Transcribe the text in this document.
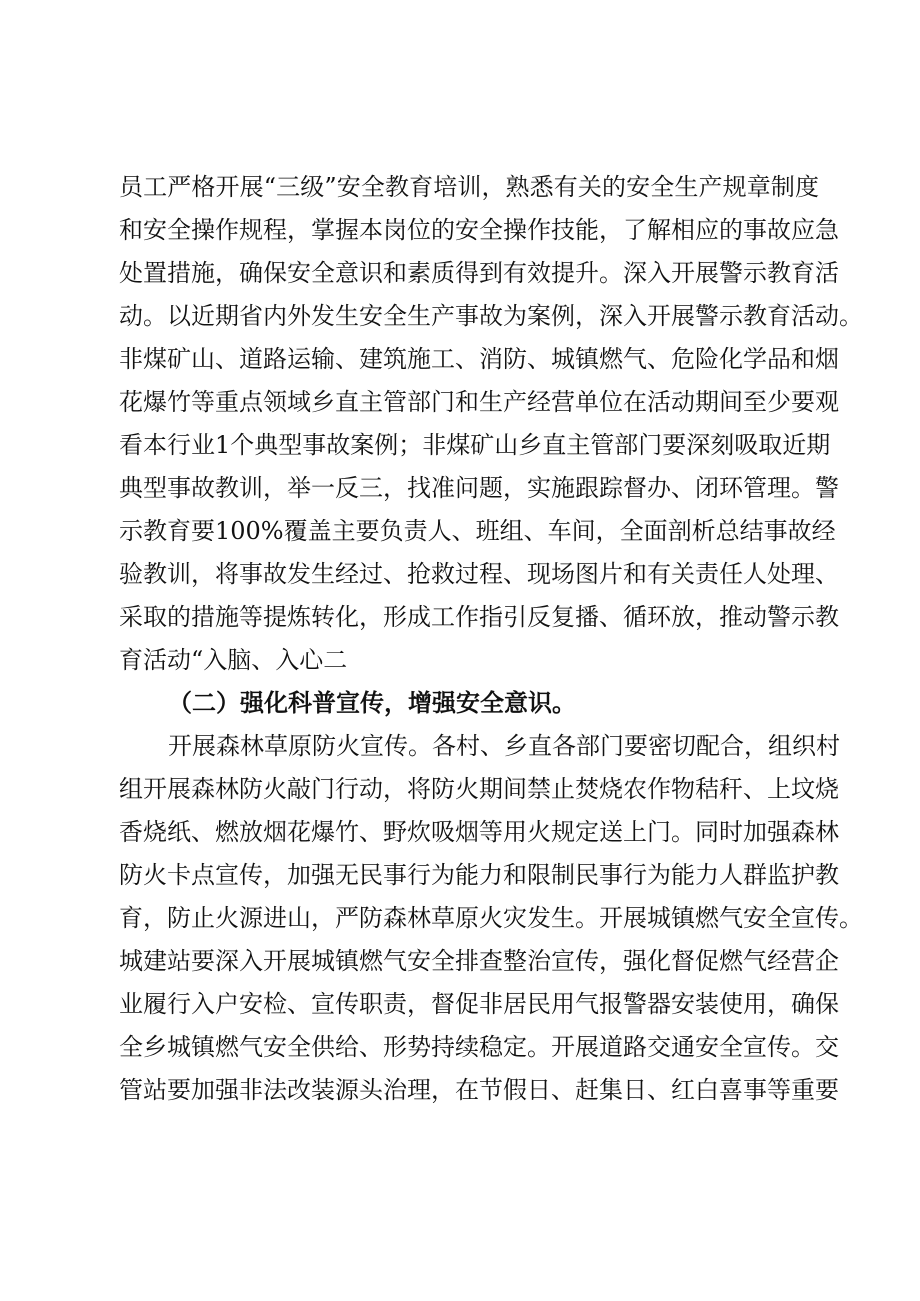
员工严格开展“三级”安全教育培训，熟悉有关的安全生产规章制度
和安全操作规程，掌握本岗位的安全操作技能，了解相应的事故应急
处置措施，确保安全意识和素质得到有效提升。深入开展警示教育活
动。以近期省内外发生安全生产事故为案例，深入开展警示教育活动。
非煤矿山、道路运输、建筑施工、消防、城镇燃气、危险化学品和烟
花爆竹等重点领域乡直主管部门和生产经营单位在活动期间至少要观
看本行业1个典型事故案例；非煤矿山乡直主管部门要深刻吸取近期
典型事故教训，举一反三，找准问题，实施跟踪督办、闭环管理。警
示教育要100%覆盖主要负责人、班组、车间，全面剖析总结事故经
验教训，将事故发生经过、抢救过程、现场图片和有关责任人处理、
采取的措施等提炼转化，形成工作指引反复播、循环放，推动警示教
育活动“入脑、入心二
（二）强化科普宣传，增强安全意识。
开展森林草原防火宣传。各村、乡直各部门要密切配合，组织村
组开展森林防火敲门行动，将防火期间禁止焚烧农作物秸秆、上坟烧
香烧纸、燃放烟花爆竹、野炊吸烟等用火规定送上门。同时加强森林
防火卡点宣传，加强无民事行为能力和限制民事行为能力人群监护教
育，防止火源进山，严防森林草原火灾发生。开展城镇燃气安全宣传。
城建站要深入开展城镇燃气安全排查整治宣传，强化督促燃气经营企
业履行入户安检、宣传职责，督促非居民用气报警器安装使用，确保
全乡城镇燃气安全供给、形势持续稳定。开展道路交通安全宣传。交
管站要加强非法改装源头治理，在节假日、赶集日、红白喜事等重要
